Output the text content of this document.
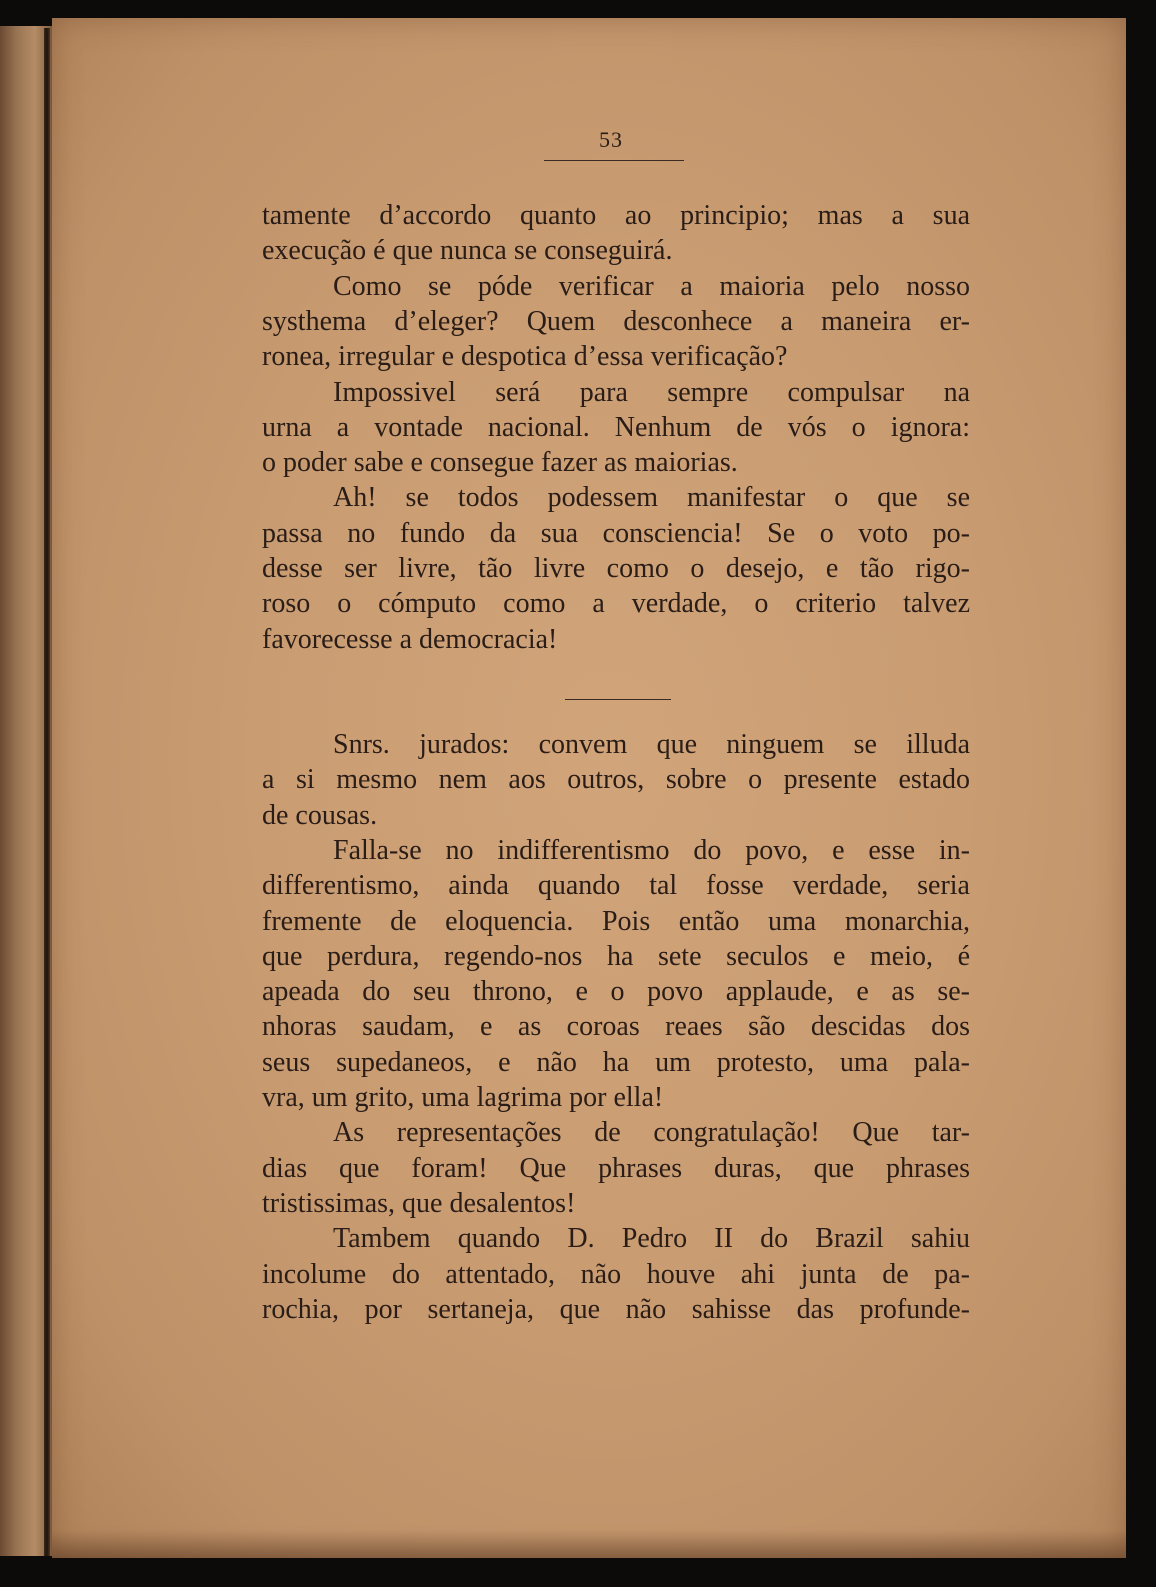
53
tamente d’accordo quanto ao principio; mas a sua
execução é que nunca se conseguirá.
Como se póde verificar a maioria pelo nosso
systhema d’eleger? Quem desconhece a maneira er-
ronea, irregular e despotica d’essa verificação?
Impossivel será para sempre compulsar na
urna a vontade nacional. Nenhum de vós o ignora:
o poder sabe e consegue fazer as maiorias.
Ah! se todos podessem manifestar o que se
passa no fundo da sua consciencia! Se o voto po-
desse ser livre, tão livre como o desejo, e tão rigo-
roso o cómputo como a verdade, o criterio talvez
favorecesse a democracia!
Snrs. jurados: convem que ninguem se illuda
a si mesmo nem aos outros, sobre o presente estado
de cousas.
Falla-se no indifferentismo do povo, e esse in-
differentismo, ainda quando tal fosse verdade, seria
fremente de eloquencia. Pois então uma monarchia,
que perdura, regendo-nos ha sete seculos e meio, é
apeada do seu throno, e o povo applaude, e as se-
nhoras saudam, e as coroas reaes são descidas dos
seus supedaneos, e não ha um protesto, uma pala-
vra, um grito, uma lagrima por ella!
As representações de congratulação! Que tar-
dias que foram! Que phrases duras, que phrases
tristissimas, que desalentos!
Tambem quando D. Pedro II do Brazil sahiu
incolume do attentado, não houve ahi junta de pa-
rochia, por sertaneja, que não sahisse das profunde-
